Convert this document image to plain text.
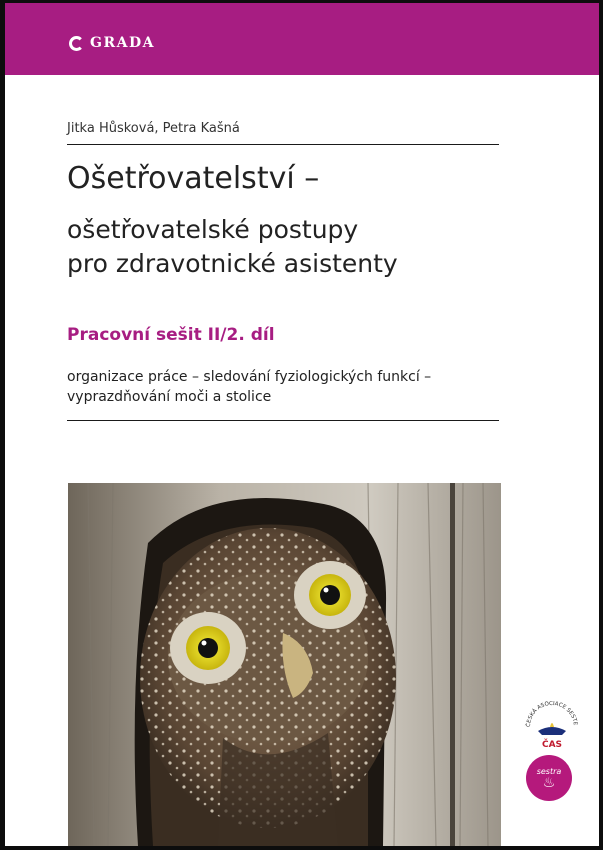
GRADA
Jitka Hůsková, Petra Kašná
Ošetřovatelství –
ošetřovatelské postupy
pro zdravotnické asistenty
Pracovní sešit II/2. díl
organizace práce – sledování fyziologických funkcí –
vyprazdňování moči a stolice
ČESKÁ ASOCIACE SESTE
ČAS
sestra
♨
